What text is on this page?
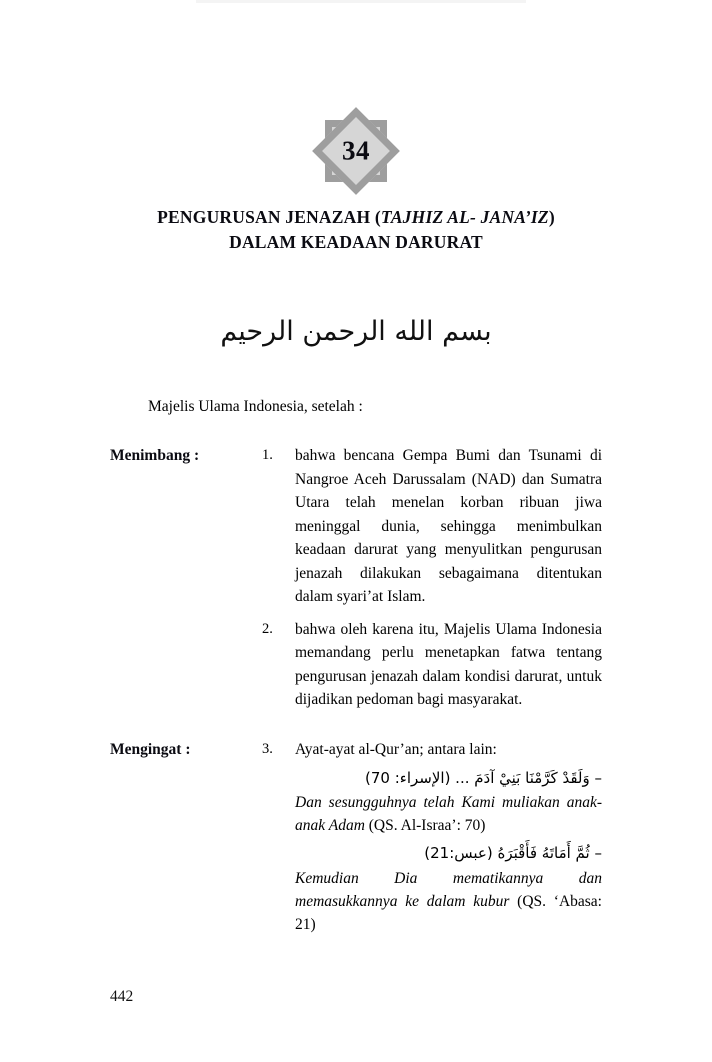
34
PENGURUSAN JENAZAH (TAJHIZ AL- JANA’IZ)
DALAM KEADAAN DARURAT
بسم الله الرحمن الرحيم
Majelis Ulama Indonesia, setelah :
Menimbang :	1.	bahwa bencana Gempa Bumi dan Tsunami di Nangroe Aceh Darussalam (NAD) dan Sumatra Utara telah menelan korban ribuan jiwa meninggal dunia, sehingga menimbulkan keadaan darurat yang menyulitkan pengurusan jenazah dilakukan sebagaimana ditentukan dalam syari’at Islam.
2.	bahwa oleh karena itu, Majelis Ulama Indonesia memandang perlu menetapkan fatwa tentang pengurusan jenazah dalam kondisi darurat, untuk dijadikan pedoman bagi masyarakat.
Mengingat :	3.	Ayat-ayat al-Qur’an; antara lain:
– وَلَقَدْ كَرَّمْنَا بَنِيْ آدَمَ ... (الإسراء: 70)
Dan sesungguhnya telah Kami muliakan anak-anak Adam (QS. Al-Israa’: 70)
– ثُمَّ أَمَاتَهُ فَأَقْبَرَهُ (عبس:21)
Kemudian Dia mematikannya dan memasukkannya ke dalam kubur (QS. ‘Abasa: 21)
442
